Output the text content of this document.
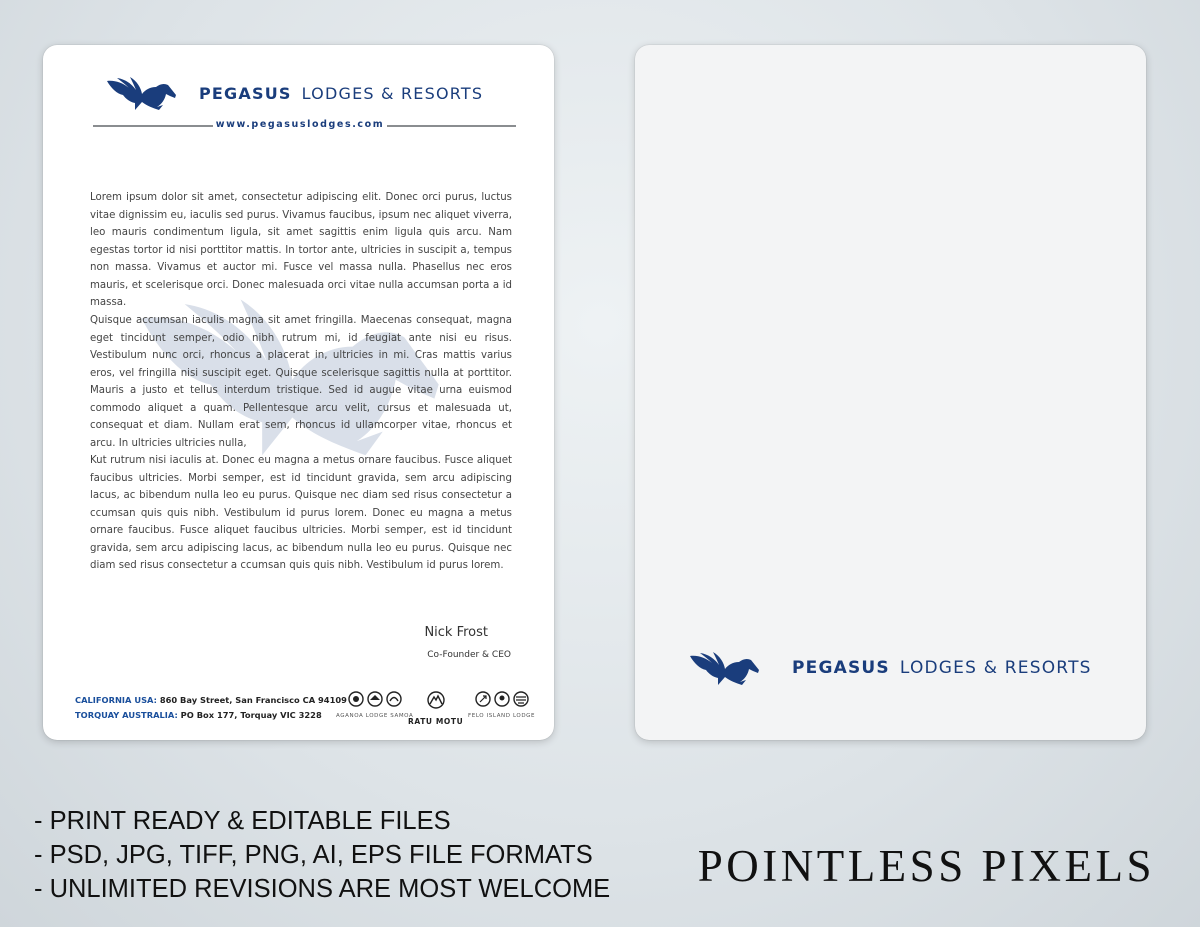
PEGASUS LODGES & RESORTS
www.pegasuslodges.com
Lorem ipsum dolor sit amet, consectetur adipiscing elit. Donec orci purus, luctus vitae dignissim eu, iaculis sed purus. Vivamus faucibus, ipsum nec aliquet viverra, leo mauris condimentum ligula, sit amet sagittis enim ligula quis arcu. Nam egestas tortor id nisi porttitor mattis. In tortor ante, ultricies in suscipit a, tempus non massa. Vivamus et auctor mi. Fusce vel massa nulla. Phasellus nec eros mauris, et scelerisque orci. Donec malesuada orci vitae nulla accumsan porta a id massa.
Quisque accumsan iaculis magna sit amet fringilla. Maecenas consequat, magna eget tincidunt semper, odio nibh rutrum mi, id feugiat ante nisi eu risus. Vestibulum nunc orci, rhoncus a placerat in, ultricies in mi. Cras mattis varius eros, vel fringilla nisi suscipit eget. Quisque scelerisque sagittis nulla at porttitor. Mauris a justo et tellus interdum tristique. Sed id augue vitae urna euismod commodo aliquet a quam. Pellentesque arcu velit, cursus et malesuada ut, consequat et diam. Nullam erat sem, rhoncus id ullamcorper vitae, rhoncus et arcu. In ultricies ultricies nulla,
Kut rutrum nisi iaculis at. Donec eu magna a metus ornare faucibus. Fusce aliquet faucibus ultricies. Morbi semper, est id tincidunt gravida, sem arcu adipiscing lacus, ac bibendum nulla leo eu purus. Quisque nec diam sed risus consectetur a ccumsan quis quis nibh. Vestibulum id purus lorem. Donec eu magna a metus ornare faucibus. Fusce aliquet faucibus ultricies. Morbi semper, est id tincidunt gravida, sem arcu adipiscing lacus, ac bibendum nulla leo eu purus. Quisque nec diam sed risus consectetur a ccumsan quis quis nibh. Vestibulum id purus lorem.
Nick Frost
Co-Founder & CEO
CALIFORNIA USA: 860 Bay Street, San Francisco CA 94109
TORQUAY AUSTRALIA: PO Box 177, Torquay VIC 3228	AGANOA LODGE SAMOA
RATU MOTU
FELO ISLAND LODGE
PEGASUS LODGES & RESORTS
- PRINT READY & EDITABLE FILES
- PSD, JPG, TIFF, PNG, AI, EPS FILE FORMATS
- UNLIMITED REVISIONS ARE MOST WELCOME POINTLESS PIXELS
